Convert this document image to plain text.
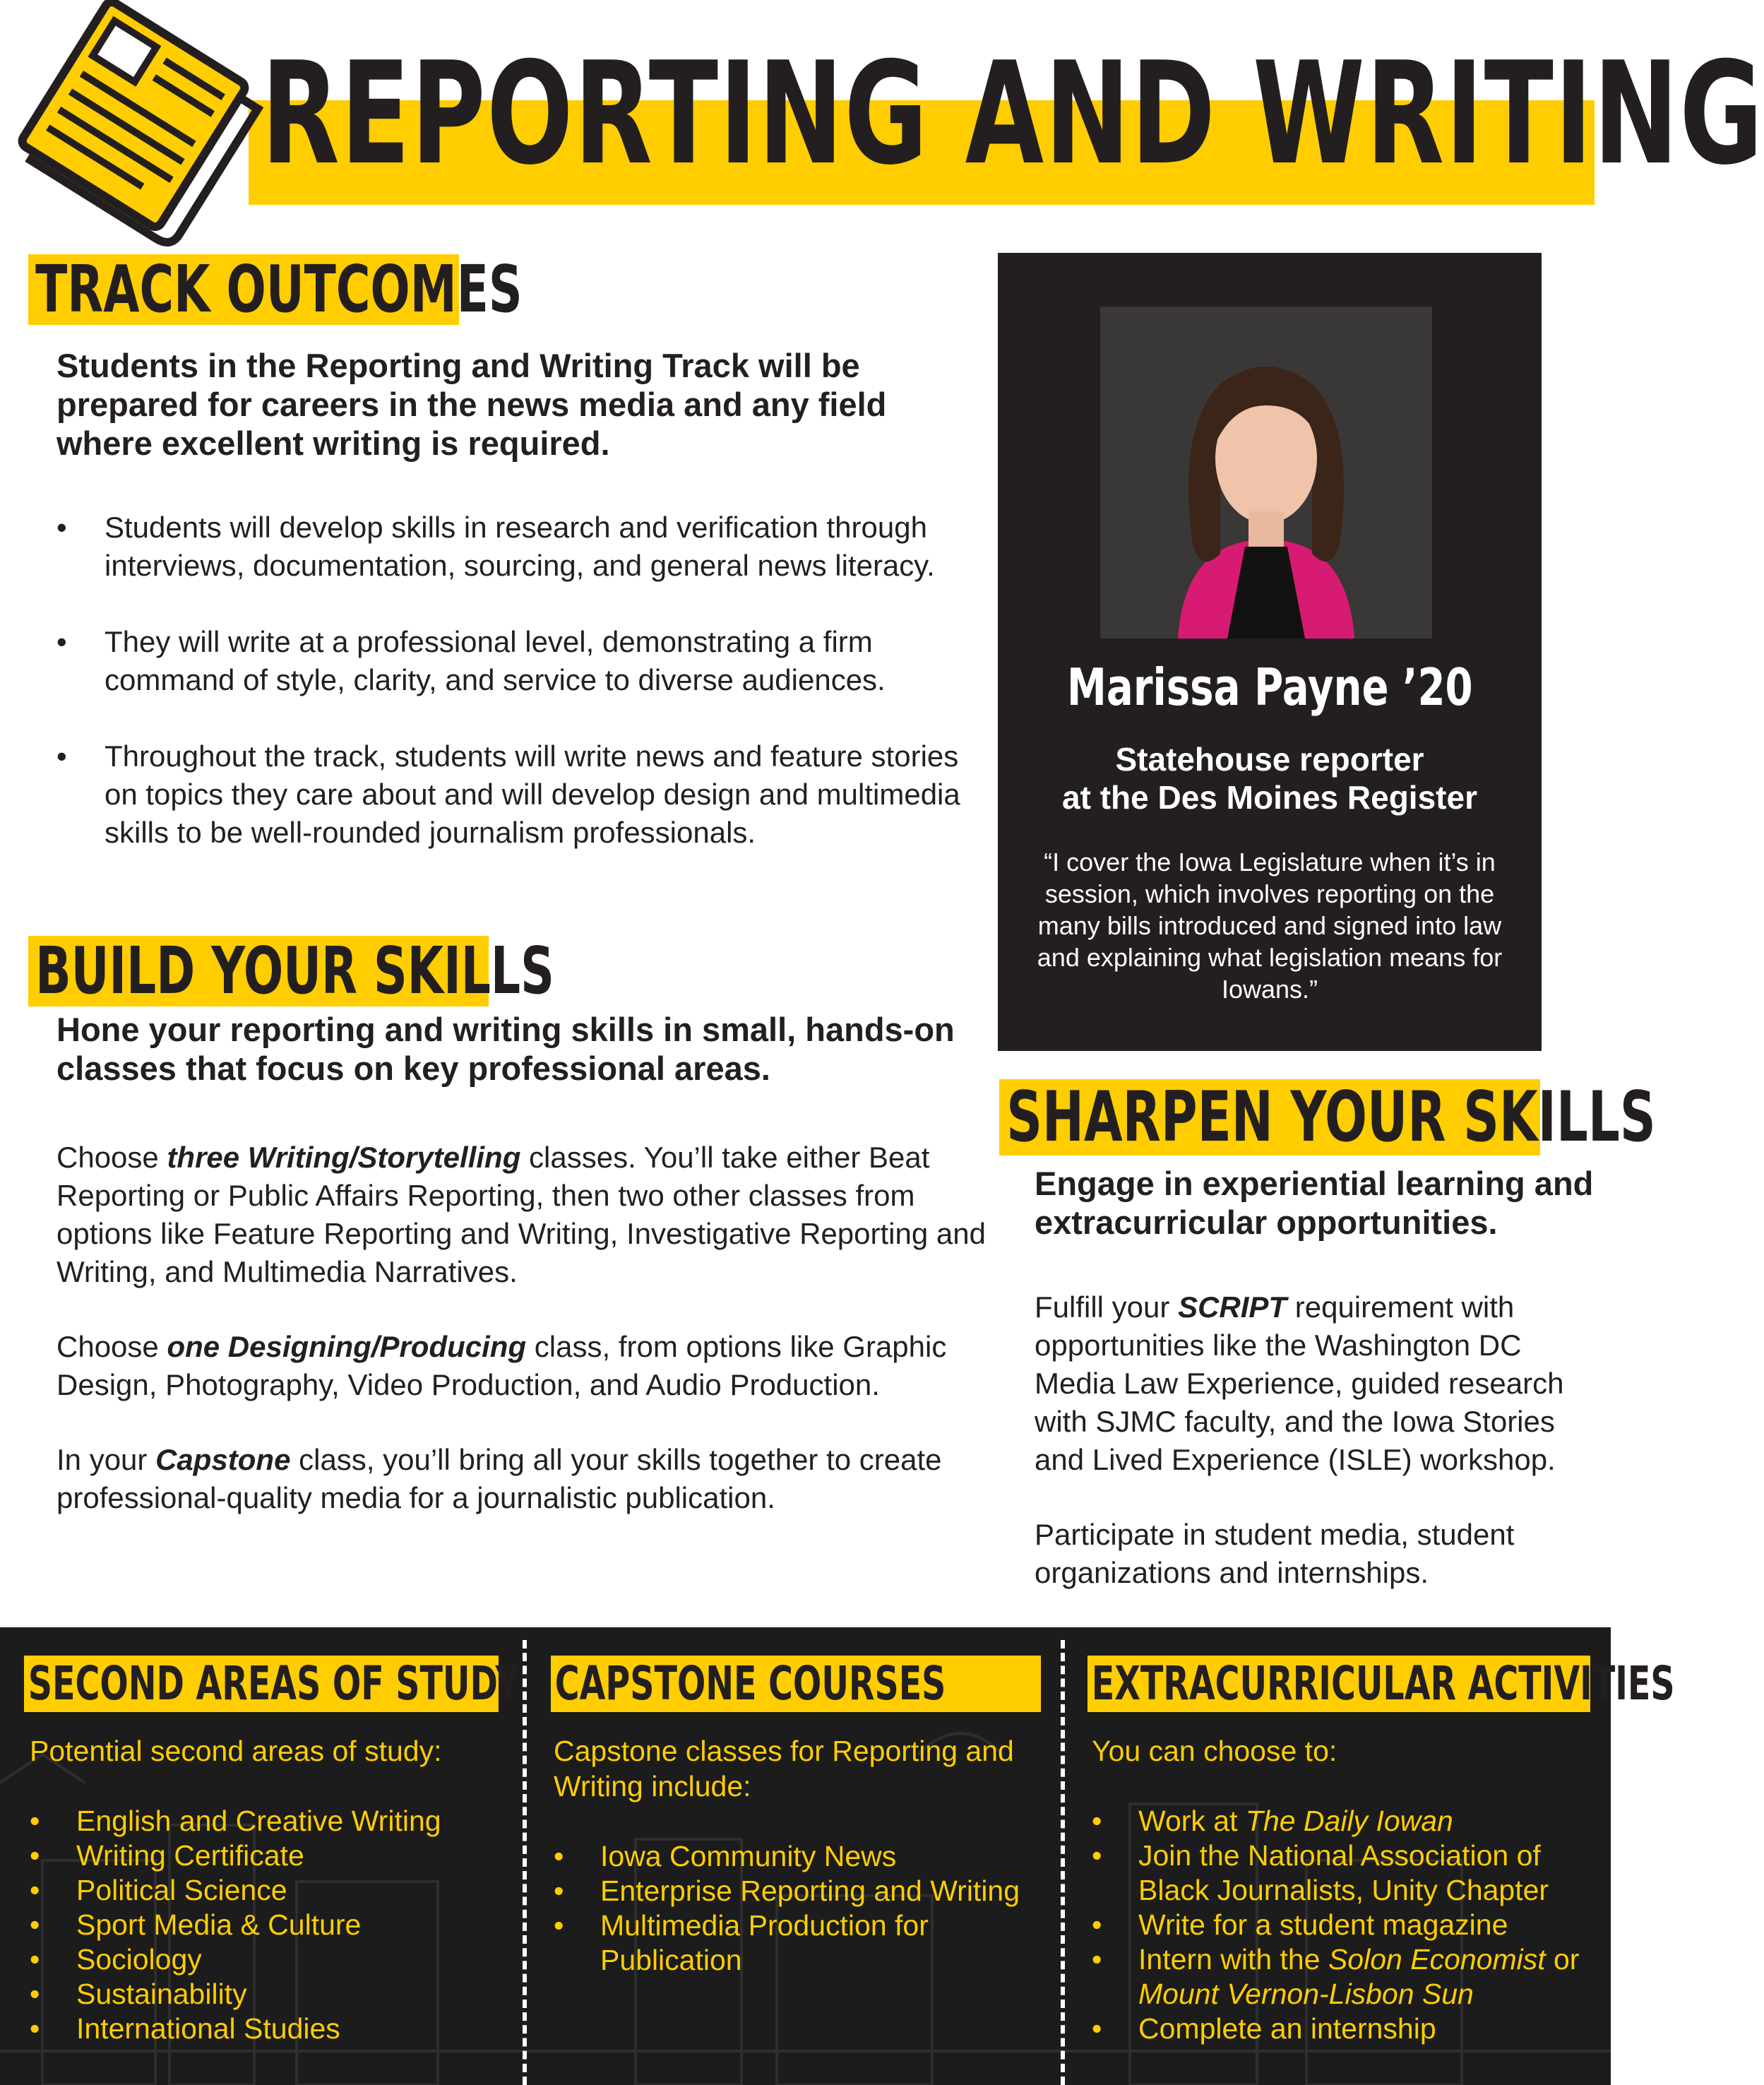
REPORTING AND WRITING
TRACK OUTCOMES
Students in the Reporting and Writing Track will be prepared for careers in the news media and any field where excellent writing is required.
• Students will develop skills in research and verification through interviews, documentation, sourcing, and general news literacy.
• They will write at a professional level, demonstrating a firm command of style, clarity, and service to diverse audiences.
• Throughout the track, students will write news and feature stories on topics they care about and will develop design and multimedia skills to be well-rounded journalism professionals.
BUILD YOUR SKILLS
Hone your reporting and writing skills in small, hands-on classes that focus on key professional areas.
Choose three Writing/Storytelling classes. You’ll take either Beat Reporting or Public Affairs Reporting, then two other classes from options like Feature Reporting and Writing, Investigative Reporting and Writing, and Multimedia Narratives.
Choose one Designing/Producing class, from options like Graphic Design, Photography, Video Production, and Audio Production.
In your Capstone class, you’ll bring all your skills together to create professional-quality media for a journalistic publication.
Marissa Payne ’20
Statehouse reporter
at the Des Moines Register
“I cover the Iowa Legislature when it’s in session, which involves reporting on the many bills introduced and signed into law and explaining what legislation means for Iowans.”
SHARPEN YOUR SKILLS
Engage in experiential learning and extracurricular opportunities.
Fulfill your SCRIPT requirement with opportunities like the Washington DC Media Law Experience, guided research with SJMC faculty, and the Iowa Stories and Lived Experience (ISLE) workshop.
Participate in student media, student organizations and internships.
SECOND AREAS OF STUDY
Potential second areas of study:
• English and Creative Writing
• Writing Certificate
• Political Science
• Sport Media & Culture
• Sociology
• Sustainability
• International Studies
CAPSTONE COURSES
Capstone classes for Reporting and Writing include:
• Iowa Community News
• Enterprise Reporting and Writing
• Multimedia Production for Publication
EXTRACURRICULAR ACTIVITIES
You can choose to:
• Work at The Daily Iowan
• Join the National Association of Black Journalists, Unity Chapter
• Write for a student magazine
• Intern with the Solon Economist or Mount Vernon-Lisbon Sun
• Complete an internship
